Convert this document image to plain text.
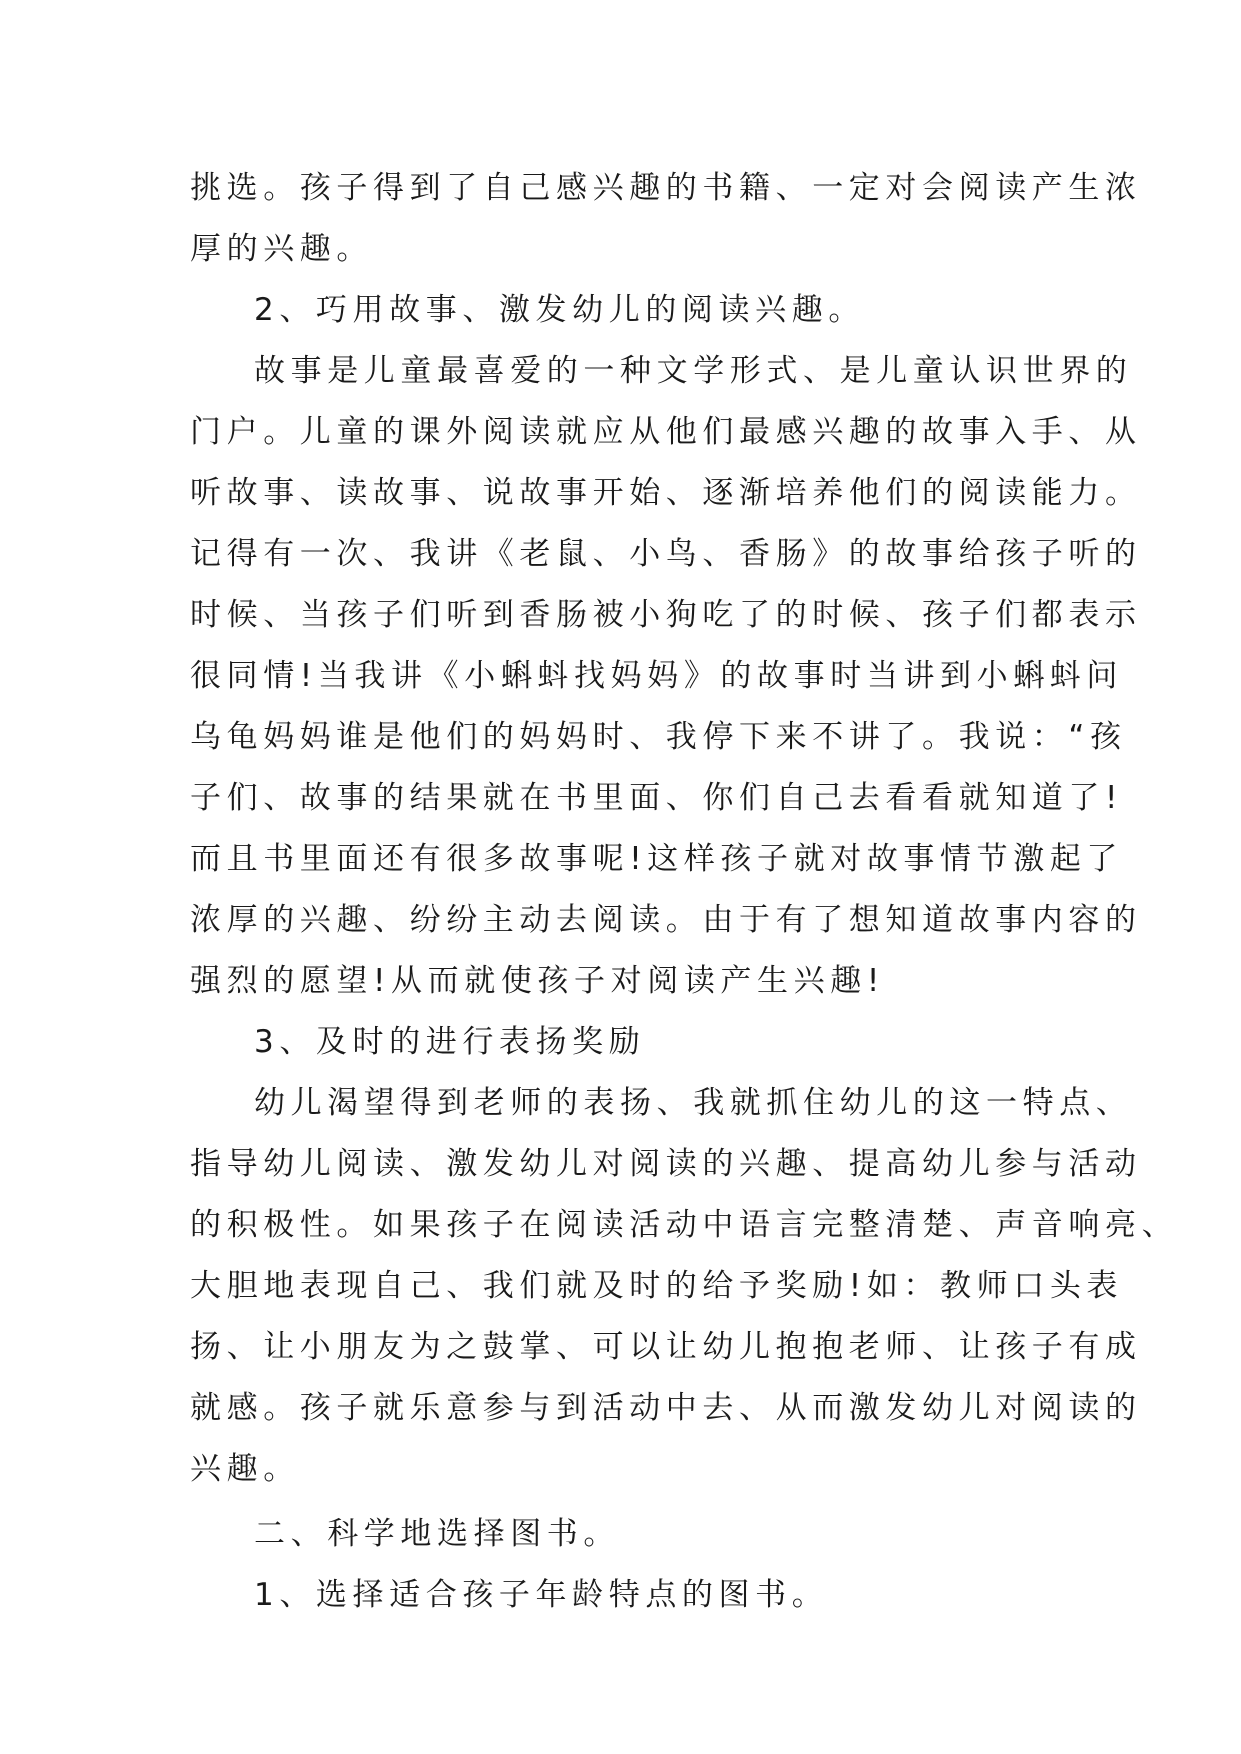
挑选。孩子得到了自己感兴趣的书籍、一定对会阅读产生浓
厚的兴趣。
2、巧用故事、激发幼儿的阅读兴趣。
故事是儿童最喜爱的一种文学形式、是儿童认识世界的
门户。儿童的课外阅读就应从他们最感兴趣的故事入手、从
听故事、读故事、说故事开始、逐渐培养他们的阅读能力。
记得有一次、我讲《老鼠、小鸟、香肠》的故事给孩子听的
时候、当孩子们听到香肠被小狗吃了的时候、孩子们都表示
很同情!当我讲《小蝌蚪找妈妈》的故事时当讲到小蝌蚪问
乌龟妈妈谁是他们的妈妈时、我停下来不讲了。我说：“孩
子们、故事的结果就在书里面、你们自己去看看就知道了!
而且书里面还有很多故事呢!这样孩子就对故事情节激起了
浓厚的兴趣、纷纷主动去阅读。由于有了想知道故事内容的
强烈的愿望!从而就使孩子对阅读产生兴趣!
3、及时的进行表扬奖励
幼儿渴望得到老师的表扬、我就抓住幼儿的这一特点、
指导幼儿阅读、激发幼儿对阅读的兴趣、提高幼儿参与活动
的积极性。如果孩子在阅读活动中语言完整清楚、声音响亮、
大胆地表现自己、我们就及时的给予奖励!如：教师口头表
扬、让小朋友为之鼓掌、可以让幼儿抱抱老师、让孩子有成
就感。孩子就乐意参与到活动中去、从而激发幼儿对阅读的
兴趣。
二、科学地选择图书。
1、选择适合孩子年龄特点的图书。
